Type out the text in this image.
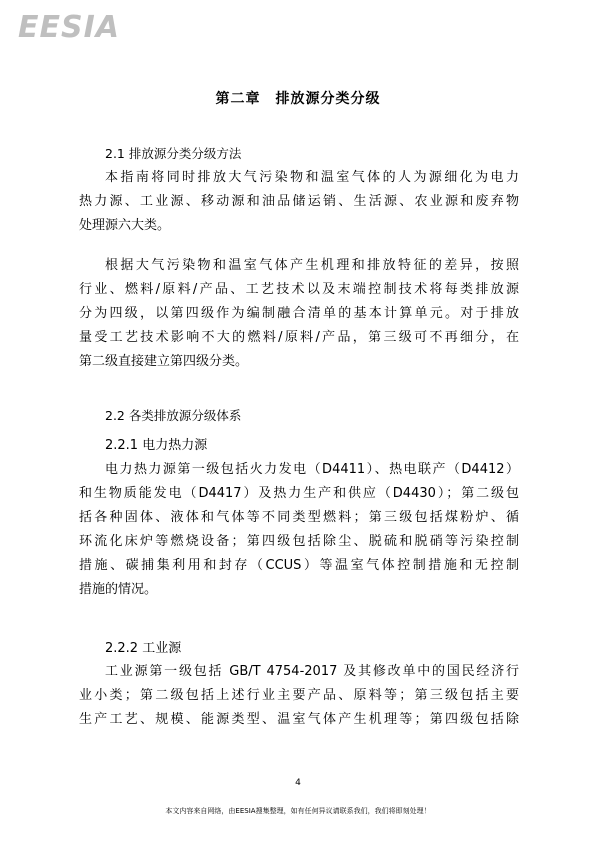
EESIA
第二章　排放源分类分级
2.1 排放源分类分级方法
本指南将同时排放大气污染物和温室气体的人为源细化为电力
热力源、工业源、移动源和油品储运销、生活源、农业源和废弃物
处理源六大类。
根据大气污染物和温室气体产生机理和排放特征的差异，按照
行业、燃料/原料/产品、工艺技术以及末端控制技术将每类排放源
分为四级，以第四级作为编制融合清单的基本计算单元。对于排放
量受工艺技术影响不大的燃料/原料/产品，第三级可不再细分，在
第二级直接建立第四级分类。
2.2 各类排放源分级体系
2.2.1 电力热力源
电力热力源第一级包括火力发电（D4411）、热电联产（D4412）
和生物质能发电（D4417）及热力生产和供应（D4430）；第二级包
括各种固体、液体和气体等不同类型燃料；第三级包括煤粉炉、循
环流化床炉等燃烧设备；第四级包括除尘、脱硫和脱硝等污染控制
措施、碳捕集利用和封存（CCUS）等温室气体控制措施和无控制
措施的情况。
2.2.2 工业源
工业源第一级包括 GB/T 4754-2017 及其修改单中的国民经济行
业小类；第二级包括上述行业主要产品、原料等；第三级包括主要
生产工艺、规模、能源类型、温室气体产生机理等；第四级包括除
4
本文内容来自网络，由EESIA搜集整理，如有任何异议请联系我们，我们将即刻处理！
